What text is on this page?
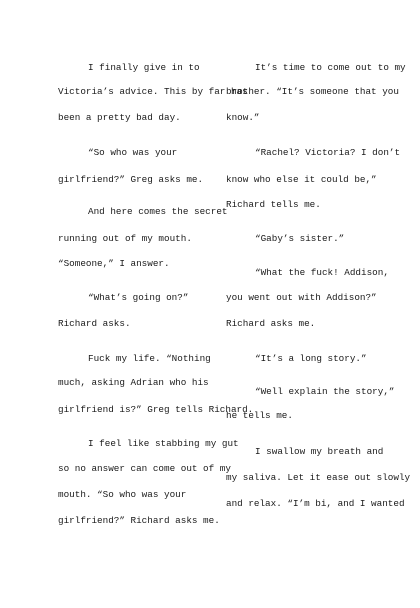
I finally give in to
Victoria’s advice. This by far has
been a pretty bad day.
“So who was your
girlfriend?” Greg asks me.
And here comes the secret
running out of my mouth.
“Someone,” I answer.
“What’s going on?”
Richard asks.
Fuck my life. “Nothing
much, asking Adrian who his
girlfriend is?” Greg tells Richard.
I feel like stabbing my gut
so no answer can come out of my
mouth. “So who was your
girlfriend?” Richard asks me.
It’s time to come out to my
brother. “It’s someone that you
know.”
“Rachel? Victoria? I don’t
know who else it could be,”
Richard tells me.
“Gaby’s sister.”
“What the fuck! Addison,
you went out with Addison?”
Richard asks me.
“It’s a long story.”
“Well explain the story,”
he tells me.
I swallow my breath and
my saliva. Let it ease out slowly
and relax. “I’m bi, and I wanted
